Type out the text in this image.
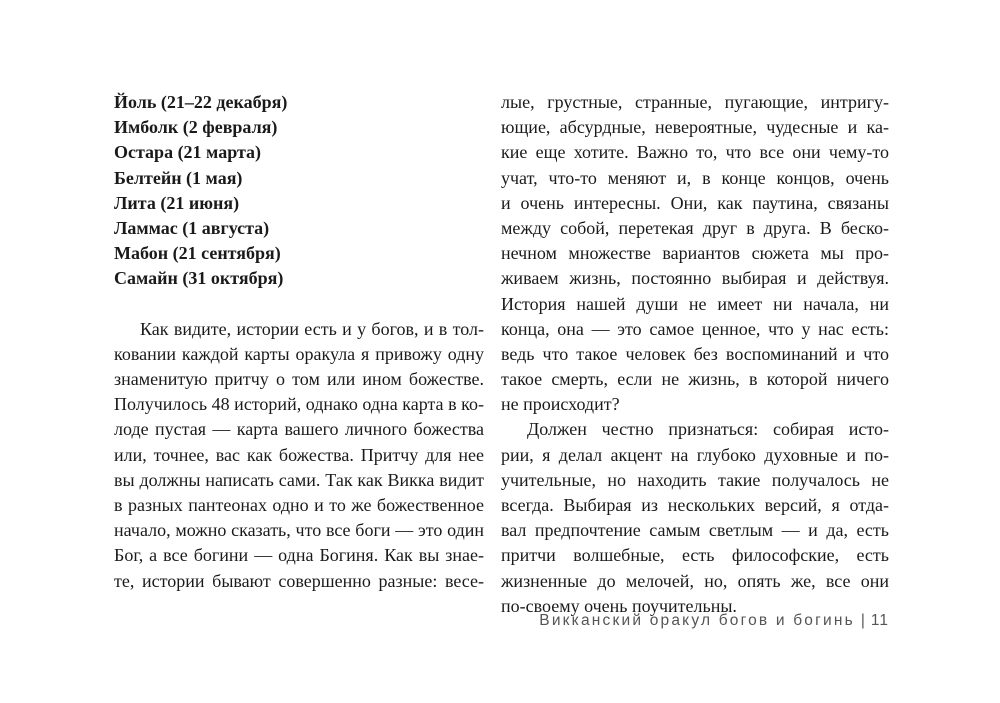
Йоль (21–22 декабря)
Имболк (2 февраля)
Остара (21 марта)
Белтейн (1 мая)
Лита (21 июня)
Ламмас (1 августа)
Мабон (21 сентября)
Самайн (31 октября)
Как видите, истории есть и у богов, и в тол-
ковании каждой карты оракула я привожу одну
знаменитую притчу о том или ином божестве.
Получилось 48 историй, однако одна карта в ко-
лоде пустая — карта вашего личного божества
или, точнее, вас как божества. Притчу для нее
вы должны написать сами. Так как Викка видит
в разных пантеонах одно и то же божественное
начало, можно сказать, что все боги — это один
Бог, а все богини — одна Богиня. Как вы знае-
те, истории бывают совершенно разные: весе-
лые, грустные, странные, пугающие, интригу-
ющие, абсурдные, невероятные, чудесные и ка-
кие еще хотите. Важно то, что все они чему-то
учат, что-то меняют и, в конце концов, очень
и очень интересны. Они, как паутина, связаны
между собой, перетекая друг в друга. В беско-
нечном множестве вариантов сюжета мы про-
живаем жизнь, постоянно выбирая и действуя.
История нашей души не имеет ни начала, ни
конца, она — это самое ценное, что у нас есть:
ведь что такое человек без воспоминаний и что
такое смерть, если не жизнь, в которой ничего
не происходит?
Должен честно признаться: собирая исто-
рии, я делал акцент на глубоко духовные и по-
учительные, но находить такие получалось не
всегда. Выбирая из нескольких версий, я отда-
вал предпочтение самым светлым — и да, есть
притчи волшебные, есть философские, есть
жизненные до мелочей, но, опять же, все они
по-своему очень поучительны.
Викканский оракул богов и богинь | 11
